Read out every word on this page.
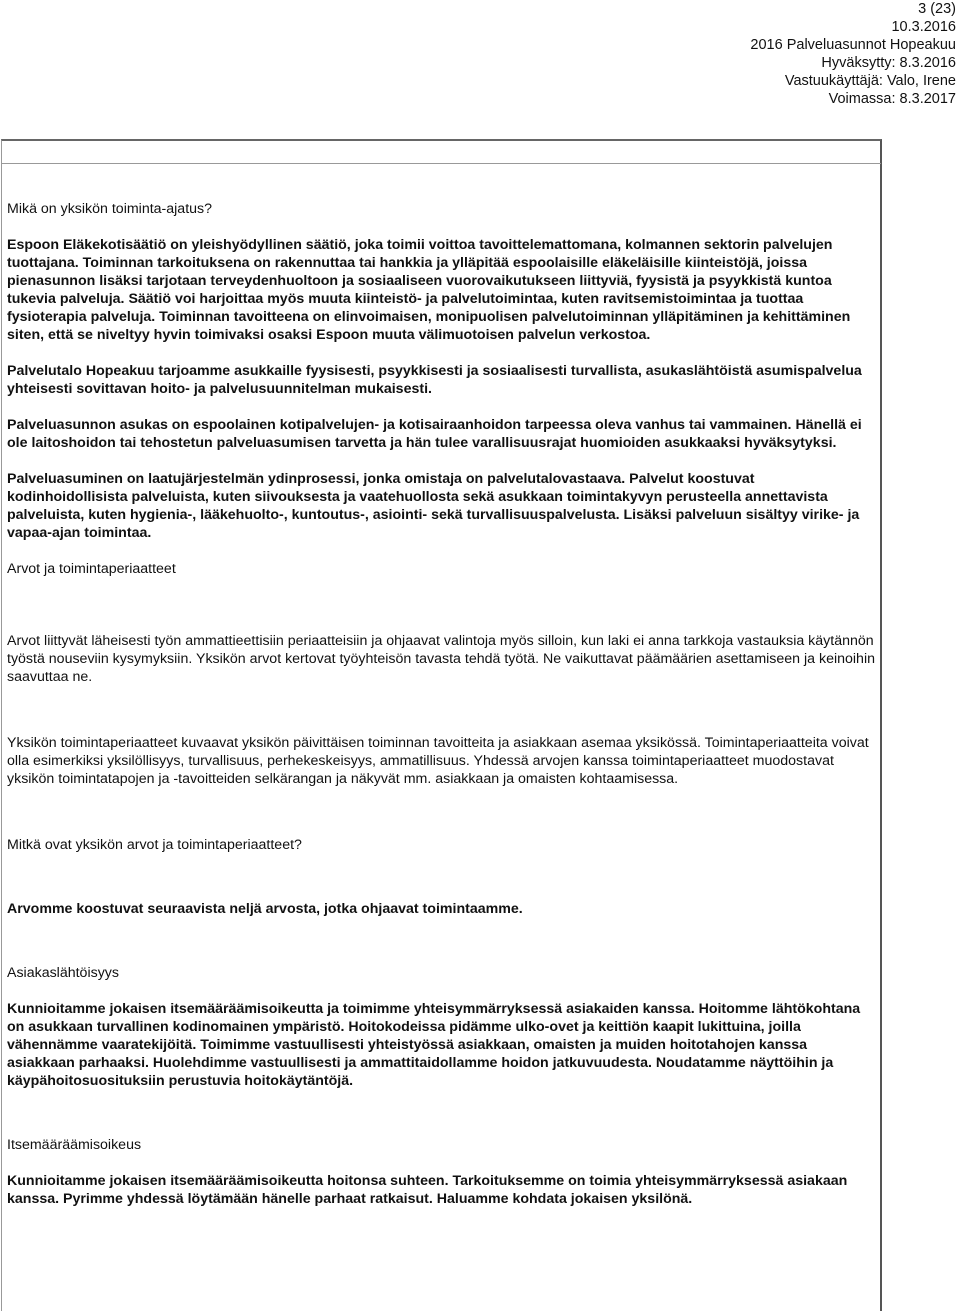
3 (23)
10.3.2016
2016 Palveluasunnot Hopeakuu
Hyväksytty: 8.3.2016
Vastuukäyttäjä: Valo, Irene
Voimassa: 8.3.2017

Mikä on yksikön toiminta-ajatus?

Espoon Eläkekotisäätiö on yleishyödyllinen säätiö, joka toimii voittoa tavoittelemattomana, kolmannen sektorin palvelujen tuottajana. Toiminnan tarkoituksena on rakennuttaa tai hankkia ja ylläpitää espoolaisille eläkeläisille kiinteistöjä, joissa pienasunnon lisäksi tarjotaan terveydenhuoltoon ja sosiaaliseen vuorovaikutukseen liittyviä, fyysistä ja psyykkistä kuntoa tukevia palveluja. Säätiö voi harjoittaa myös muuta kiinteistö- ja palvelutoimintaa, kuten ravitsemistoimintaa ja tuottaa fysioterapia palveluja. Toiminnan tavoitteena on elinvoimaisen, monipuolisen palvelutoiminnan ylläpitäminen ja kehittäminen siten, että se niveltyy hyvin toimivaksi osaksi Espoon muuta välimuotoisen palvelun verkostoa.

Palvelutalo Hopeakuu tarjoamme asukkaille fyysisesti, psyykkisesti ja sosiaalisesti turvallista, asukaslähtöistä asumispalvelua yhteisesti sovittavan hoito- ja palvelusuunnitelman mukaisesti.

Palveluasunnon asukas on espoolainen kotipalvelujen- ja kotisairaanhoidon tarpeessa oleva vanhus tai vammainen. Hänellä ei ole laitoshoidon tai tehostetun palveluasumisen tarvetta ja hän tulee varallisuusrajat huomioiden asukkaaksi hyväksytyksi.

Palveluasuminen on laatujärjestelmän ydinprosessi, jonka omistaja on palvelutalovastaava. Palvelut koostuvat kodinhoidollisista palveluista, kuten siivouksesta ja vaatehuollosta sekä asukkaan toimintakyvyn perusteella annettavista palveluista, kuten hygienia-, lääkehuolto-, kuntoutus-, asiointi- sekä turvallisuuspalvelusta. Lisäksi palveluun sisältyy virike- ja vapaa-ajan toimintaa.

Arvot ja toimintaperiaatteet

Arvot liittyvät läheisesti työn ammattieettisiin periaatteisiin ja ohjaavat valintoja myös silloin, kun laki ei anna tarkkoja vastauksia käytännön työstä nouseviin kysymyksiin. Yksikön arvot kertovat työyhteisön tavasta tehdä työtä. Ne vaikuttavat päämäärien asettamiseen ja keinoihin saavuttaa ne.

Yksikön toimintaperiaatteet kuvaavat yksikön päivittäisen toiminnan tavoitteita ja asiakkaan asemaa yksikössä. Toimintaperiaatteita voivat olla esimerkiksi yksilöllisyys, turvallisuus, perhekeskeisyys, ammatillisuus. Yhdessä arvojen kanssa toimintaperiaatteet muodostavat yksikön toimintatapojen ja -tavoitteiden selkärangan ja näkyvät mm. asiakkaan ja omaisten kohtaamisessa.

Mitkä ovat yksikön arvot ja toimintaperiaatteet?

Arvomme koostuvat seuraavista neljä arvosta, jotka ohjaavat toimintaamme.

Asiakaslähtöisyys

Kunnioitamme jokaisen itsemääräämisoikeutta ja toimimme yhteisymmärryksessä asiakaiden kanssa. Hoitomme lähtökohtana on asukkaan turvallinen kodinomainen ympäristö. Hoitokodeissa pidämme ulko-ovet ja keittiön kaapit lukittuina, joilla vähennämme vaaratekijöitä. Toimimme vastuullisesti yhteistyössä asiakkaan, omaisten ja muiden hoitotahojen kanssa asiakkaan parhaaksi. Huolehdimme vastuullisesti ja ammattitaidollamme hoidon jatkuvuudesta. Noudatamme näyttöihin ja käypähoitosuosituksiin perustuvia hoitokäytäntöjä.

Itsemääräämisoikeus

Kunnioitamme jokaisen itsemääräämisoikeutta hoitonsa suhteen. Tarkoituksemme on toimia yhteisymmärryksessä asiakaan kanssa. Pyrimme yhdessä löytämään hänelle parhaat ratkaisut. Haluamme kohdata jokaisen yksilönä.
